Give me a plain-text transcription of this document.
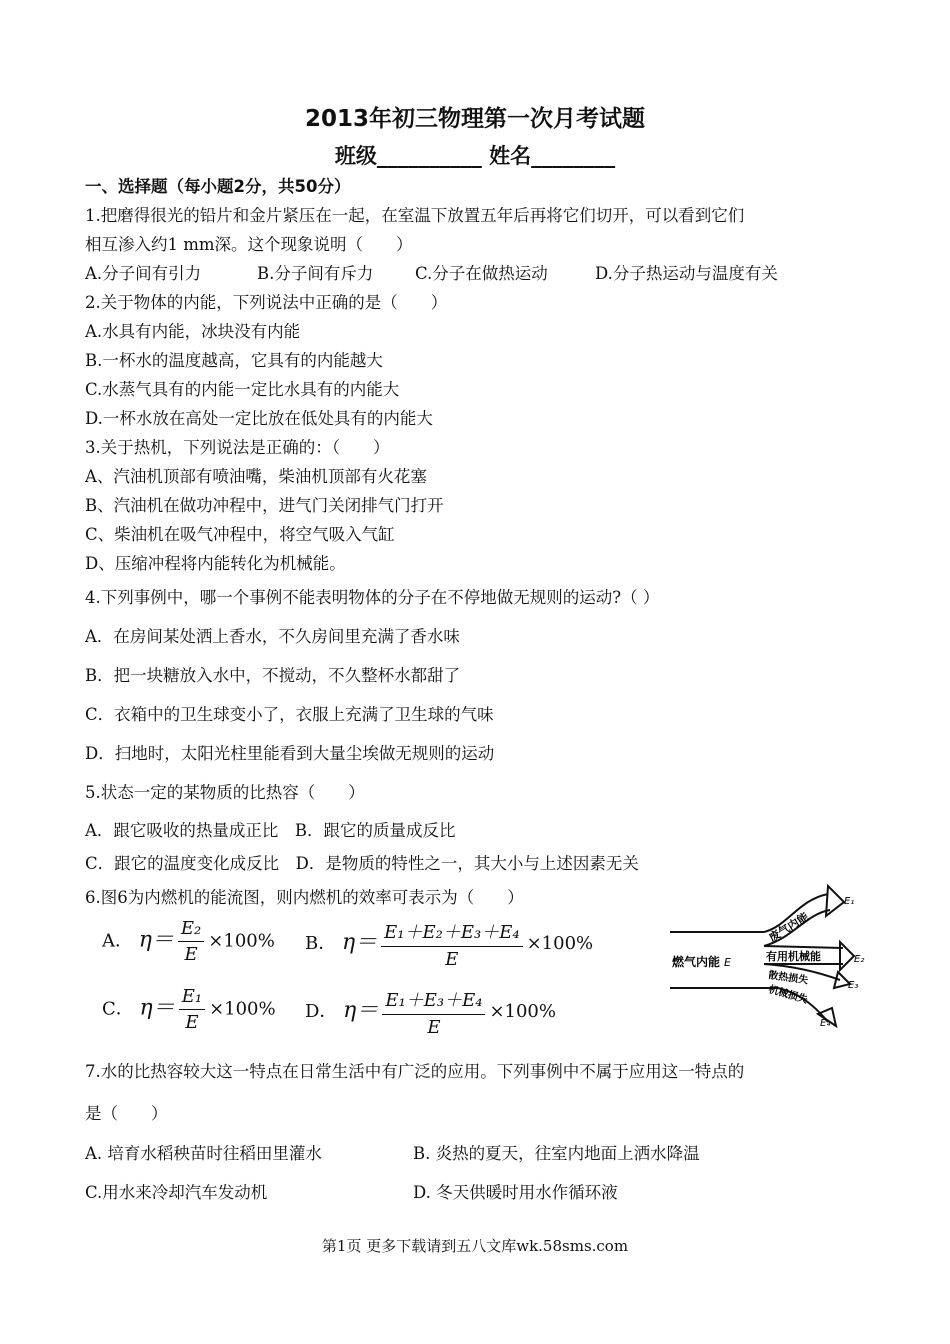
2013年初三物理第一次月考试题
班级__________ 姓名________
一、选择题（每小题2分，共50分）
1.把磨得很光的铅片和金片紧压在一起，在室温下放置五年后再将它们切开，可以看到它们
相互渗入约1 mm深。这个现象说明（　　）
A.分子间有引力	B.分子间有斥力	C.分子在做热运动	D.分子热运动与温度有关
2.关于物体的内能，下列说法中正确的是（　　）
A.水具有内能，冰块没有内能
B.一杯水的温度越高，它具有的内能越大
C.水蒸气具有的内能一定比水具有的内能大
D.一杯水放在高处一定比放在低处具有的内能大
3.关于热机，下列说法是正确的：（　　）
A、汽油机顶部有喷油嘴，柴油机顶部有火花塞
B、汽油机在做功冲程中，进气门关闭排气门打开
C、柴油机在吸气冲程中，将空气吸入气缸
D、压缩冲程将内能转化为机械能。
4.下列事例中，哪一个事例不能表明物体的分子在不停地做无规则的运动?（ ）
A．在房间某处洒上香水，不久房间里充满了香水味
B．把一块糖放入水中，不搅动，不久整杯水都甜了
C．衣箱中的卫生球变小了，衣服上充满了卫生球的气味
D．扫地时，太阳光柱里能看到大量尘埃做无规则的运动
5.状态一定的某物质的比热容（　　）
A．跟它吸收的热量成正比　B．跟它的质量成反比
C．跟它的温度变化成反比　D．是物质的特性之一，其大小与上述因素无关
6.图6为内燃机的能流图，则内燃机的效率可表示为（　　）
A． $\eta= \frac{\text{E₂}}{E} \times 100\%$ B． $\eta= \frac{\text{E₁＋E₂＋E₃＋E₄}}{E} \times 100\%$
C． $\eta= \frac{\text{E₁}}{E} \times 100\%$ D． $\eta= \frac{\text{E₁＋E₃＋E₄}}{E} \times 100\%$
燃气内能 E
废气内能
有用机械能
散热损失
机械损失
E₁
E₂
E₃
E₄
7.水的比热容较大这一特点在日常生活中有广泛的应用。下列事例中不属于应用这一特点的
是（　　）
A. 培育水稻秧苗时往稻田里灌水	B. 炎热的夏天，往室内地面上洒水降温
C.用水来冷却汽车发动机	D. 冬天供暖时用水作循环液
第1页 更多下载请到五八文库wk.58sms.com
